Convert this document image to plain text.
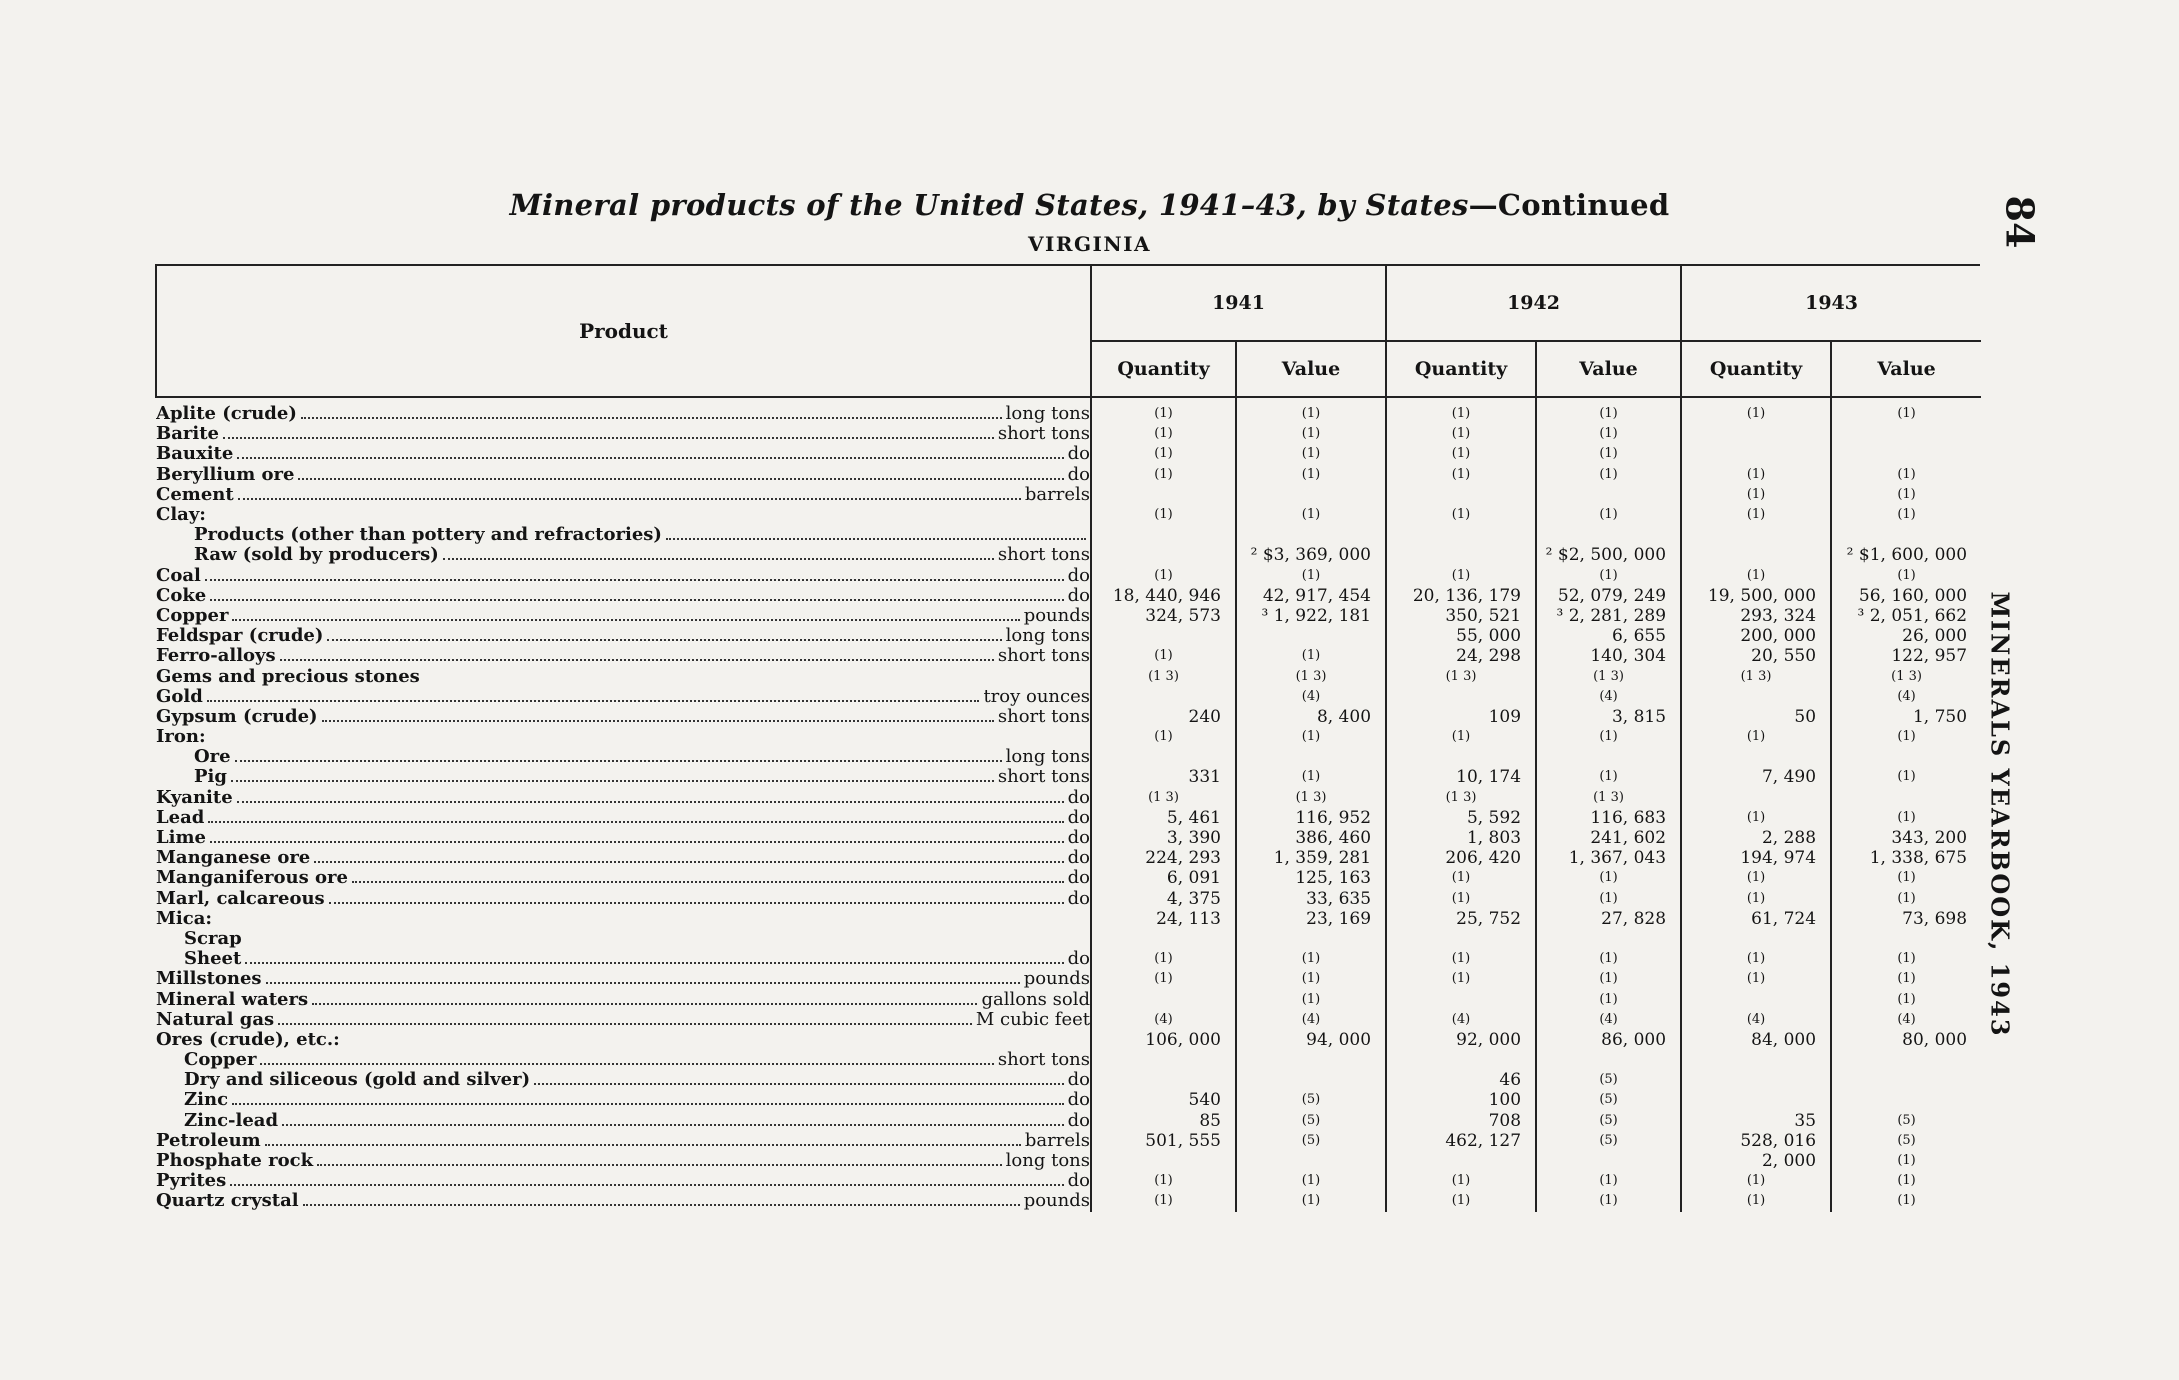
Mineral products of the United States, 1941–43, by States—Continued
VIRGINIA	84
MINERALS YEARBOOK, 1943
Product	1941		1942		1943	
	Quantity	Value	Quantity	Value	Quantity	Value

Aplite (crude) long tons	(1)	(1)	(1)	(1)	(1)	(1)

Barite short tons	(1)	(1)	(1)	(1)		

Bauxite do	(1)	(1)	(1)	(1)		

Beryllium ore do	(1)	(1)	(1)	(1)	(1)	(1)

Cement barrels					(1)	(1)

Clay:	(1)	(1)	(1)	(1)	(1)	(1)

Products (other than pottery and refractories)						

Raw (sold by producers) short tons		² $3, 369, 000		² $2, 500, 000		² $1, 600, 000

Coal do	(1)	(1)	(1)	(1)	(1)	(1)

Coke do	18, 440, 946	42, 917, 454	20, 136, 179	52, 079, 249	19, 500, 000	56, 160, 000

Copper pounds	324, 573	³ 1, 922, 181	350, 521	³ 2, 281, 289	293, 324	³ 2, 051, 662

Feldspar (crude) long tons			55, 000	6, 655	200, 000	26, 000

Ferro-alloys short tons	(1)	(1)	24, 298	140, 304	20, 550	122, 957

Gems and precious stones	(1 3)	(1 3)	(1 3)	(1 3)	(1 3)	(1 3)

Gold troy ounces		(4)		(4)		(4)

Gypsum (crude) short tons	240	8, 400	109	3, 815	50	1, 750

Iron:	(1)	(1)	(1)	(1)	(1)	(1)

Ore long tons						

Pig short tons	331	(1)	10, 174	(1)	7, 490	(1)

Kyanite do	(1 3)	(1 3)	(1 3)	(1 3)		

Lead do	5, 461	116, 952	5, 592	116, 683	(1)	(1)

Lime do	3, 390	386, 460	1, 803	241, 602	2, 288	343, 200

Manganese ore do	224, 293	1, 359, 281	206, 420	1, 367, 043	194, 974	1, 338, 675

Manganiferous ore do	6, 091	125, 163	(1)	(1)	(1)	(1)

Marl, calcareous do	4, 375	33, 635	(1)	(1)	(1)	(1)

Mica:	24, 113	23, 169	25, 752	27, 828	61, 724	73, 698

Scrap						

Sheet do	(1)	(1)	(1)	(1)	(1)	(1)

Millstones pounds	(1)	(1)	(1)	(1)	(1)	(1)

Mineral waters gallons sold		(1)		(1)		(1)

Natural gas M cubic feet	(4)	(4)	(4)	(4)	(4)	(4)

Ores (crude), etc.:	106, 000	94, 000	92, 000	86, 000	84, 000	80, 000

Copper short tons						

Dry and siliceous (gold and silver) do			46	(5)		

Zinc do	540	(5)	100	(5)		

Zinc-lead do	85	(5)	708	(5)	35	(5)

Petroleum barrels	501, 555	(5)	462, 127	(5)	528, 016	(5)

Phosphate rock long tons					2, 000	(1)

Pyrites do	(1)	(1)	(1)	(1)	(1)	(1)

Quartz crystal pounds	(1)	(1)	(1)	(1)	(1)	(1)
